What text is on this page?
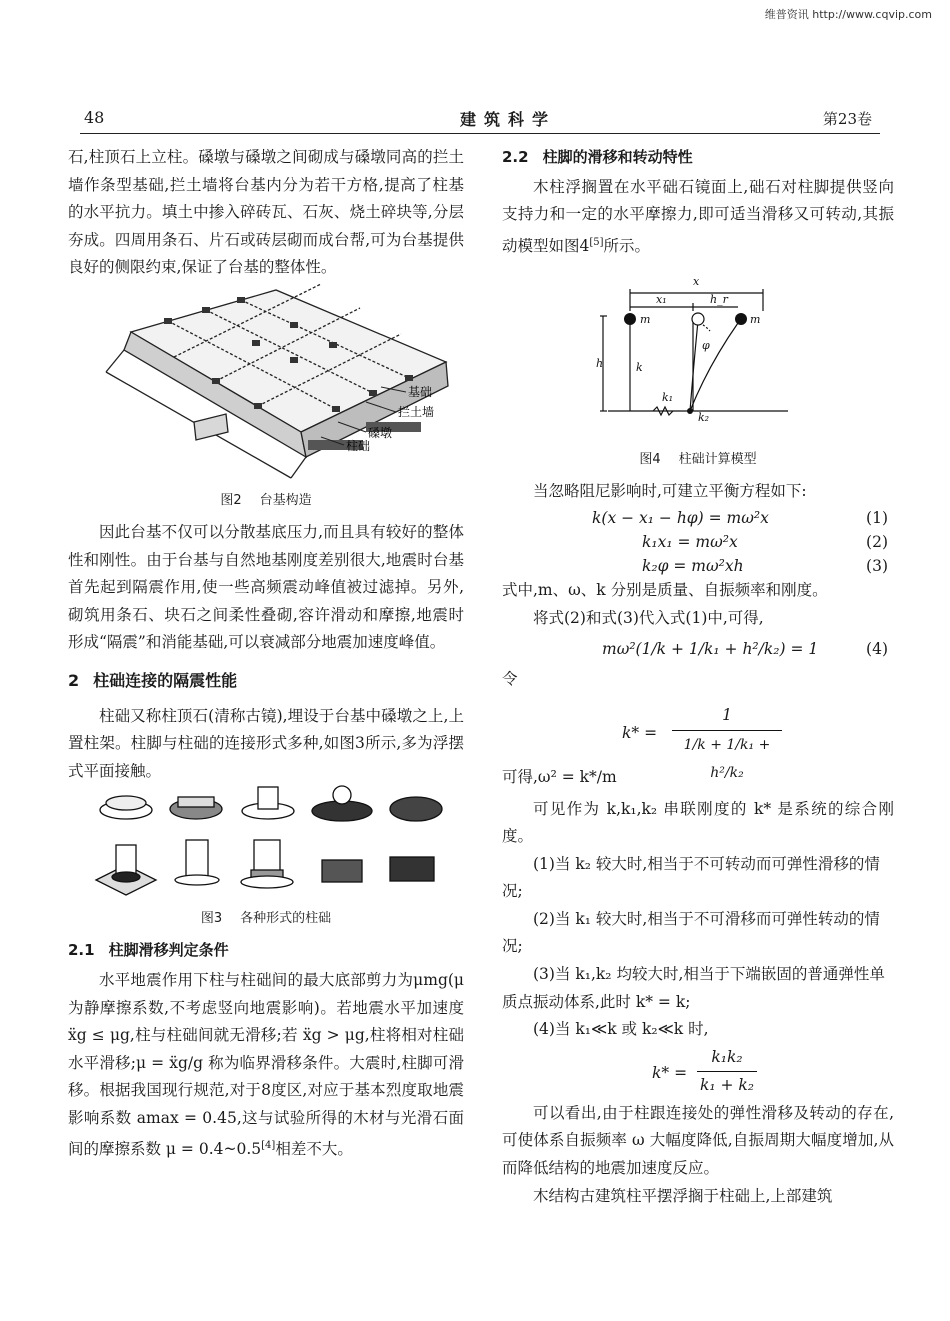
维普资讯 http://www.cqvip.com
48	建筑科学	第23卷

石,柱顶石上立柱。磉墩与磉墩之间砌成与磉墩同高的拦土墙作条型基础,拦土墙将台基内分为若干方格,提高了柱基的水平抗力。填土中掺入碎砖瓦、石灰、烧土碎块等,分层夯成。四周用条石、片石或砖层砌而成台帮,可为台基提供良好的侧限约束,保证了台基的整体性。

基础
拦土墙
磉墩
柱础
图2 台基构造

因此台基不仅可以分散基底压力,而且具有较好的整体性和刚性。由于台基与自然地基刚度差别很大,地震时台基首先起到隔震作用,使一些高频震动峰值被过滤掉。另外,砌筑用条石、块石之间柔性叠砌,容许滑动和摩擦,地震时形成“隔震”和消能基础,可以衰减部分地震加速度峰值。

2 柱础连接的隔震性能

柱础又称柱顶石(清称古镜),埋设于台基中磉墩之上,上置柱架。柱脚与柱础的连接形式多种,如图3所示,多为浮摆式平面接触。

图3 各种形式的柱础
2.1 柱脚滑移判定条件

水平地震作用下柱与柱础间的最大底部剪力为μmg(μ为静摩擦系数,不考虑竖向地震影响)。若地震水平加速度 ẍg ≤ μg,柱与柱础间就无滑移;若 ẍg > μg,柱将相对柱础水平滑移;μ = ẍg/g 称为临界滑移条件。大震时,柱脚可滑移。根据我国现行规范,对于8度区,对应于基本烈度取地震影响系数 amax = 0.45,这与试验所得的木材与光滑石面间的摩擦系数 μ = 0.4~0.5[4]相差不大。

2.2 柱脚的滑移和转动特性

木柱浮搁置在水平础石镜面上,础石对柱脚提供竖向支持力和一定的水平摩擦力,即可适当滑移又可转动,其振动模型如图4[5]所示。

x
x₁	h_r
m	m
φ
h	k
k₁
k₂
图4 柱础计算模型

当忽略阻尼影响时,可建立平衡方程如下:

k(x − x₁ − hφ) = mω²x	(1)
k₁x₁ = mω²x	(2)
k₂φ = mω²xh	(3)

式中,m、ω、k 分别是质量、自振频率和刚度。

将式(2)和式(3)代入式(1)中,可得,

mω²(1/k + 1/k₁ + h²/k₂) = 1	(4)

令

k* =
1
1/k + 1/k₁ + h²/k₂

可得,ω² = k*/m

可见作为 k,k₁,k₂ 串联刚度的 k* 是系统的综合刚度。

(1)当 k₂ 较大时,相当于不可转动而可弹性滑移的情况;

(2)当 k₁ 较大时,相当于不可滑移而可弹性转动的情况;

(3)当 k₁,k₂ 均较大时,相当于下端嵌固的普通弹性单质点振动体系,此时 k* = k;

(4)当 k₁≪k 或 k₂≪k 时,

k* =
k₁k₂
k₁ + k₂

可以看出,由于柱跟连接处的弹性滑移及转动的存在,可使体系自振频率 ω 大幅度降低,自振周期大幅度增加,从而降低结构的地震加速度反应。

木结构古建筑柱平摆浮搁于柱础上,上部建筑
